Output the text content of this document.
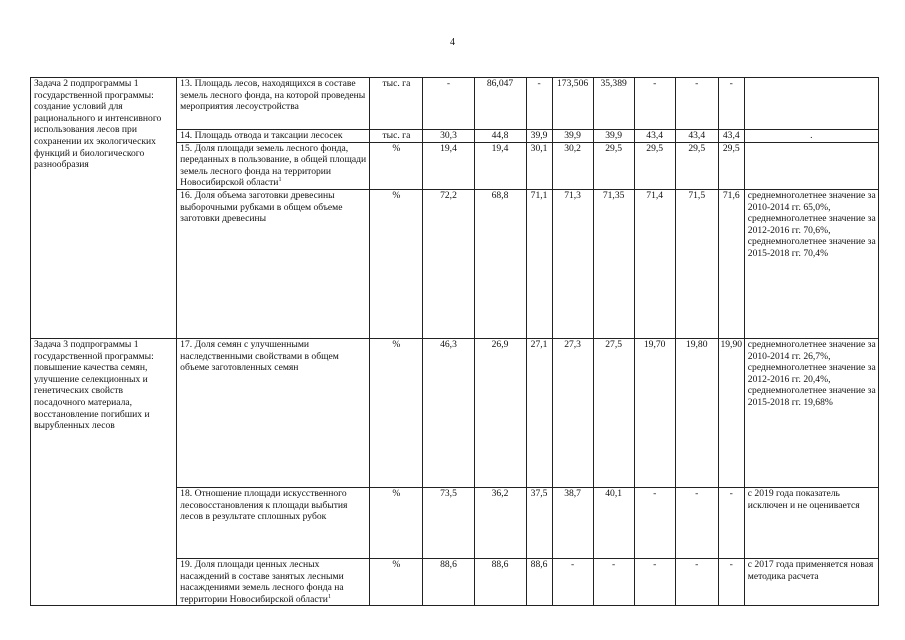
4
Задача 2 подпрограммы 1 государственной программы: создание условий для рационального и интенсивного использования лесов при сохранении их экологических функций и биологического разнообразия	13. Площадь лесов, находящихся в составе земель лесного фонда, на которой проведены мероприятия лесоустройства	тыс. га	-	86,047	-	173,506	35,389	-	-	-	
	14. Площадь отвода и таксации лесосек	тыс. га	30,3	44,8	39,9	39,9	39,9	43,4	43,4	43,4	.
	15. Доля площади земель лесного фонда, переданных в пользование, в общей площади земель лесного фонда на территории Новосибирской области$^1$	%	19,4	19,4	30,1	30,2	29,5	29,5	29,5	29,5	
	16. Доля объема заготовки древесины выборочными рубками в общем объеме заготовки древесины	%	72,2	68,8	71,1	71,3	71,35	71,4	71,5	71,6	среднемноголетнее значение за 2010-2014 гг. 65,0%, среднемноголетнее значение за 2012-2016 гг. 70,6%, среднемноголетнее значение за 2015-2018 гг. 70,4%
Задача 3 подпрограммы 1 государственной программы: повышение качества семян, улучшение селекционных и генетических свойств посадочного материала, восстановление погибших и вырубленных лесов	17. Доля семян с улучшенными наследственными свойствами в общем объеме заготовленных семян	%	46,3	26,9	27,1	27,3	27,5	19,70	19,80	19,90	среднемноголетнее значение за 2010-2014 гг. 26,7%, среднемноголетнее значение за 2012-2016 гг. 20,4%, среднемноголетнее значение за 2015-2018 гг. 19,68%
	18. Отношение площади искусственного лесовосстановления к площади выбытия лесов в результате сплошных рубок	%	73,5	36,2	37,5	38,7	40,1	-	-	-	с 2019 года показатель исключен и не оценивается
	19. Доля площади ценных лесных насаждений в составе занятых лесными насаждениями земель лесного фонда на территории Новосибирской области$^1$	%	88,6	88,6	88,6	-	-	-	-	-	с 2017 года применяется новая методика расчета
